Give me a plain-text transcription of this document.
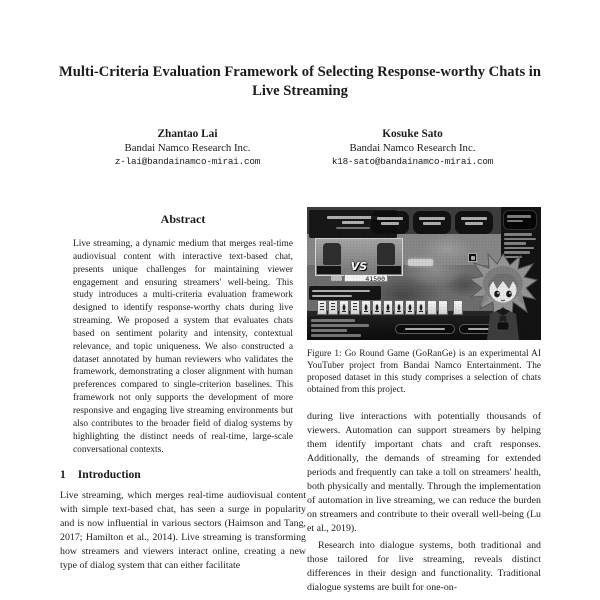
Multi-Criteria Evaluation Framework of Selecting Response-worthy Chats in Live Streaming
Zhantao Lai
Bandai Namco Research Inc.
z-lai@bandainamco-mirai.com
Kosuke Sato
Bandai Namco Research Inc.
k18-sato@bandainamco-mirai.com
Abstract

Live streaming, a dynamic medium that merges real-time audiovisual content with interactive text-based chat, presents unique challenges for maintaining viewer engagement and ensuring streamers' well-being. This study introduces a multi-criteria evaluation framework designed to identify response-worthy chats during live streaming. We proposed a system that evaluates chats based on sentiment polarity and intensity, contextual relevance, and topic uniqueness. We also constructed a dataset annotated by human reviewers who validates the framework, demonstrating a closer alignment with human preferences compared to single-criterion baselines. This framework not only supports the development of more responsive and engaging live streaming environments but also contributes to the broader field of dialog systems by highlighting the distinct needs of real-time, large-scale conversational contexts.

1 Introduction

Live streaming, which merges real-time audiovisual content with simple text-based chat, has seen a surge in popularity and is now influential in various sectors (Haimson and Tang, 2017; Hamilton et al., 2014). Live streaming is transforming how streamers and viewers interact online, creating a new type of dialog system that can either facilitate

VS
41500
Figure 1: Go Round Game (GoRanGe) is an experimental AI YouTuber project from Bandai Namco Entertainment. The proposed dataset in this study comprises a selection of chats obtained from this project.

during live interactions with potentially thousands of viewers. Automation can support streamers by helping them identify important chats and craft responses. Additionally, the demands of streaming for extended periods and frequently can take a toll on streamers' health, both physically and mentally. Through the implementation of automation in live streaming, we can reduce the burden on streamers and contribute to their overall well-being (Lu et al., 2019).

Research into dialogue systems, both traditional and those tailored for live streaming, reveals distinct differences in their design and functionality. Traditional dialogue systems are built for one-on-
